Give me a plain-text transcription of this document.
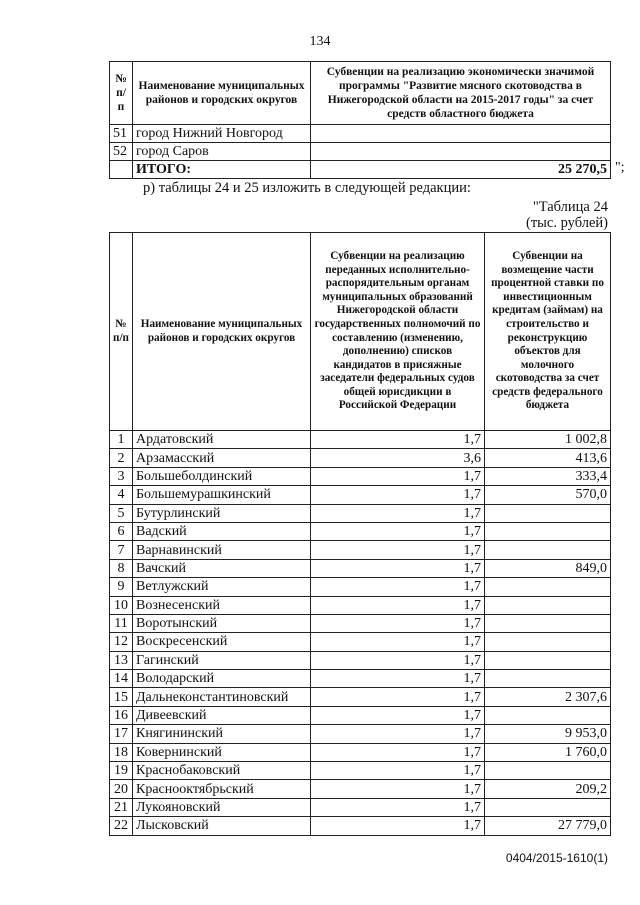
134
№ п/п	Наименование муниципальных районов и городских округов	Субвенции на реализацию экономически значимой программы "Развитие мясного скотоводства в Нижегородской области на 2015-2017 годы" за счет средств областного бюджета
51	город Нижний Новгород	
52	город Саров	
	ИТОГО:	25 270,5 ";
р) таблицы 24 и 25 изложить в следующей редакции:
"Таблица 24
(тыс. рублей)
№ п/п	Наименование муниципальных районов и городских округов	Субвенции на реализацию переданных исполнительно-распорядительным органам муниципальных образований Нижегородской области государственных полномочий по составлению (изменению, дополнению) списков кандидатов в присяжные заседатели федеральных судов общей юрисдикции в Российской Федерации	Субвенции на возмещение части процентной ставки по инвестиционным кредитам (займам) на строительство и реконструкцию объектов для молочного скотоводства за счет средств федерального бюджета
1	Ардатовский	1,7	1 002,8
2	Арзамасский	3,6	413,6
3	Большеболдинский	1,7	333,4
4	Большемурашкинский	1,7	570,0
5	Бутурлинский	1,7	
6	Вадский	1,7	
7	Варнавинский	1,7	
8	Вачский	1,7	849,0
9	Ветлужский	1,7	
10	Вознесенский	1,7	
11	Воротынский	1,7	
12	Воскресенский	1,7	
13	Гагинский	1,7	
14	Володарский	1,7	
15	Дальнеконстантиновский	1,7	2 307,6
16	Дивеевский	1,7	
17	Княгининский	1,7	9 953,0
18	Ковернинский	1,7	1 760,0
19	Краснобаковский	1,7	
20	Краснооктябрьский	1,7	209,2
21	Лукояновский	1,7	
22	Лысковский	1,7	27 779,0
0404/2015-1610(1)
